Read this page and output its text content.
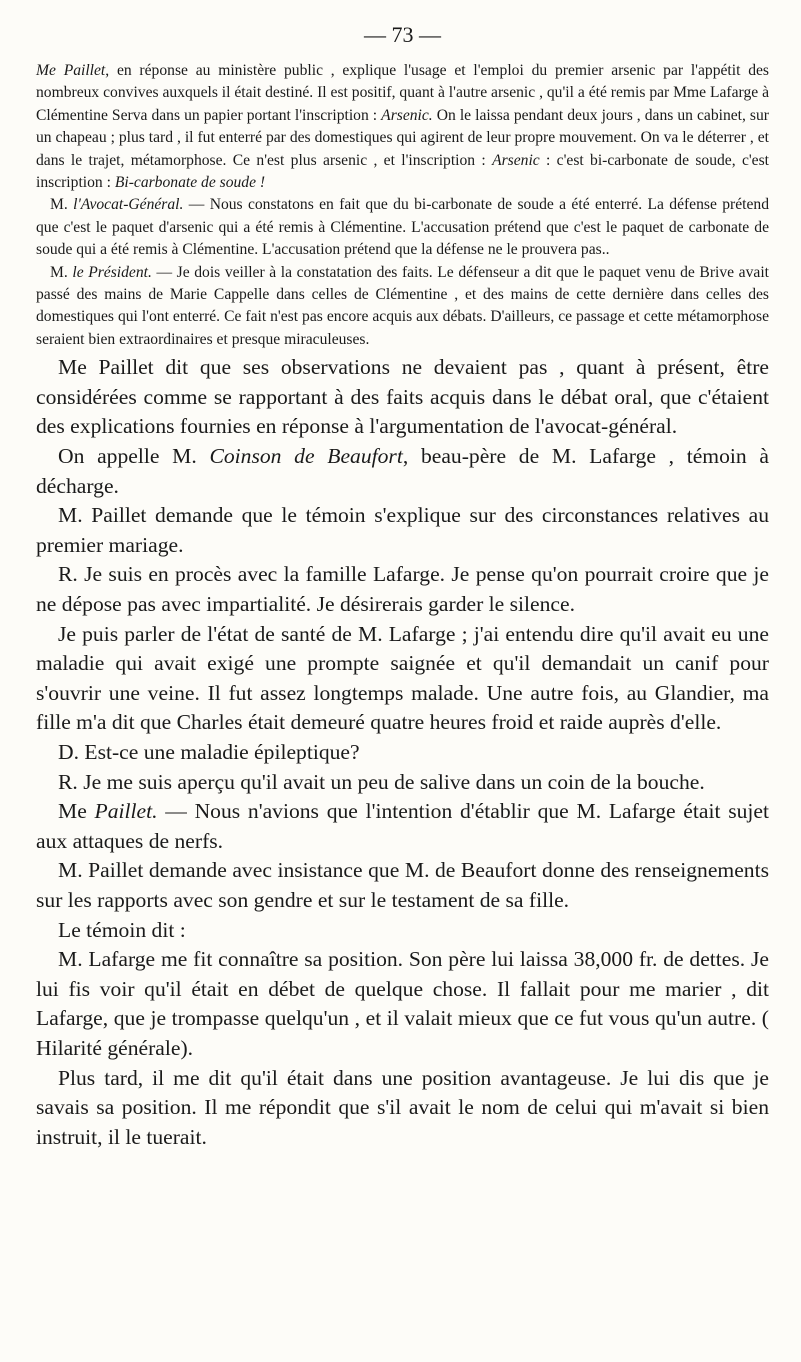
— 73 —

Me Paillet, en réponse au ministère public , explique l'usage et l'emploi du premier arsenic par l'appétit des nombreux convives auxquels il était destiné. Il est positif, quant à l'autre arsenic , qu'il a été remis par Mme Lafarge à Clémentine Serva dans un papier portant l'inscription : Arsenic. On le laissa pendant deux jours , dans un cabinet, sur un chapeau ; plus tard , il fut enterré par des domestiques qui agirent de leur propre mouvement. On va le déterrer , et dans le trajet, métamorphose. Ce n'est plus arsenic , et l'inscription : Arsenic : c'est bi-carbonate de soude, c'est inscription : Bi-carbonate de soude !

M. l'Avocat-Général. — Nous constatons en fait que du bi-carbonate de soude a été enterré. La défense prétend que c'est le paquet d'arsenic qui a été remis à Clémentine. L'accusation prétend que c'est le paquet de carbonate de soude qui a été remis à Clémentine. L'accusation prétend que la défense ne le prouvera pas..

M. le Président. — Je dois veiller à la constatation des faits. Le défenseur a dit que le paquet venu de Brive avait passé des mains de Marie Cappelle dans celles de Clémentine , et des mains de cette dernière dans celles des domestiques qui l'ont enterré. Ce fait n'est pas encore acquis aux débats. D'ailleurs, ce passage et cette métamorphose seraient bien extraordinaires et presque miraculeuses.

Me Paillet dit que ses observations ne devaient pas , quant à présent, être considérées comme se rapportant à des faits acquis dans le débat oral, que c'étaient des explications fournies en réponse à l'argumentation de l'avocat-général.

On appelle M. Coinson de Beaufort, beau-père de M. Lafarge , témoin à décharge.

M. Paillet demande que le témoin s'explique sur des circonstances relatives au premier mariage.

R. Je suis en procès avec la famille Lafarge. Je pense qu'on pourrait croire que je ne dépose pas avec impartialité. Je désirerais garder le silence.

Je puis parler de l'état de santé de M. Lafarge ; j'ai entendu dire qu'il avait eu une maladie qui avait exigé une prompte saignée et qu'il demandait un canif pour s'ouvrir une veine. Il fut assez longtemps malade. Une autre fois, au Glandier, ma fille m'a dit que Charles était demeuré quatre heures froid et raide auprès d'elle.

D. Est-ce une maladie épileptique?

R. Je me suis aperçu qu'il avait un peu de salive dans un coin de la bouche.

Me Paillet. — Nous n'avions que l'intention d'établir que M. Lafarge était sujet aux attaques de nerfs.

M. Paillet demande avec insistance que M. de Beaufort donne des renseignements sur les rapports avec son gendre et sur le testament de sa fille.

Le témoin dit :

M. Lafarge me fit connaître sa position. Son père lui laissa 38,000 fr. de dettes. Je lui fis voir qu'il était en débet de quelque chose. Il fallait pour me marier , dit Lafarge, que je trompasse quelqu'un , et il valait mieux que ce fut vous qu'un autre. ( Hilarité générale).

Plus tard, il me dit qu'il était dans une position avantageuse. Je lui dis que je savais sa position. Il me répondit que s'il avait le nom de celui qui m'avait si bien instruit, il le tuerait.
